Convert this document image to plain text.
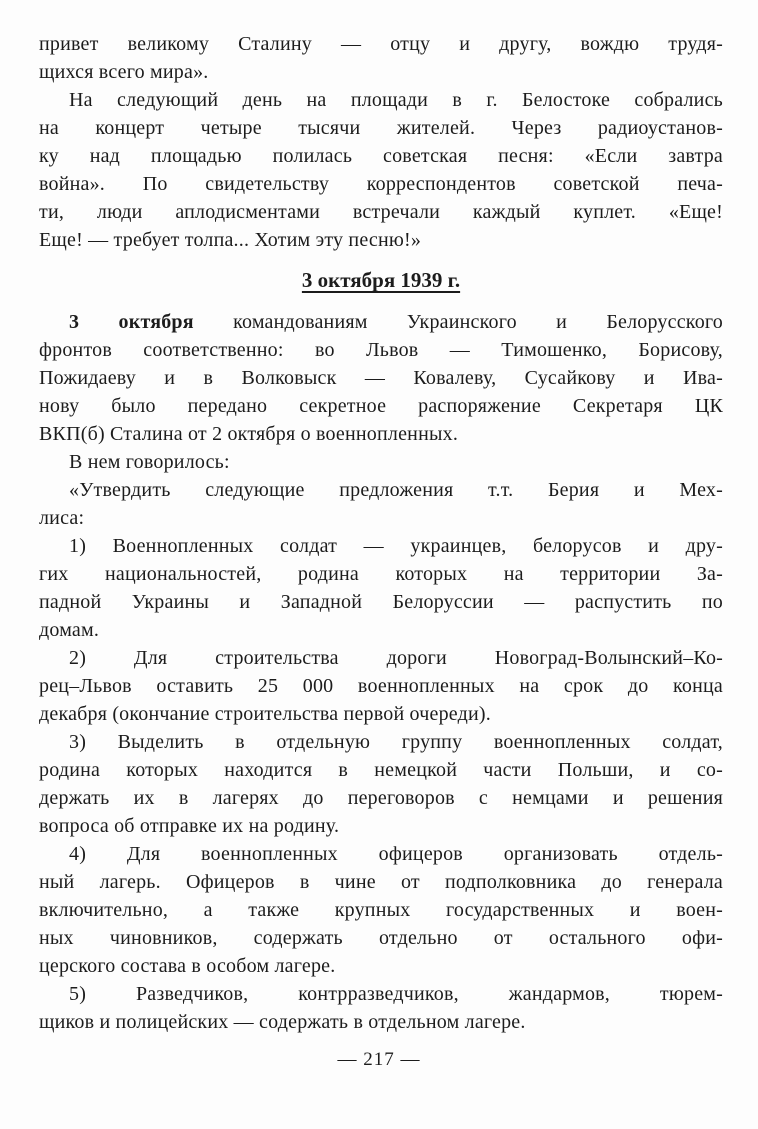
привет великому Сталину — отцу и другу, вождю трудя-
щихся всего мира».
На следующий день на площади в г. Белостоке собрались
на концерт четыре тысячи жителей. Через радиоустанов-
ку над площадью полилась советская песня: «Если завтра
война». По свидетельству корреспондентов советской печа-
ти, люди аплодисментами встречали каждый куплет. «Еще!
Еще! — требует толпа... Хотим эту песню!»
3 октября 1939 г.
3 октября командованиям Украинского и Белорусского
фронтов соответственно: во Львов — Тимошенко, Борисову,
Пожидаеву и в Волковыск — Ковалеву, Сусайкову и Ива-
нову было передано секретное распоряжение Секретаря ЦК
ВКП(б) Сталина от 2 октября о военнопленных.
В нем говорилось:
«Утвердить следующие предложения т.т. Берия и Мех-
лиса:
1) Военнопленных солдат — украинцев, белорусов и дру-
гих национальностей, родина которых на территории За-
падной Украины и Западной Белоруссии — распустить по
домам.
2) Для строительства дороги Новоград-Волынский–Ко-
рец–Львов оставить 25 000 военнопленных на срок до конца
декабря (окончание строительства первой очереди).
3) Выделить в отдельную группу военнопленных солдат,
родина которых находится в немецкой части Польши, и со-
держать их в лагерях до переговоров с немцами и решения
вопроса об отправке их на родину.
4) Для военнопленных офицеров организовать отдель-
ный лагерь. Офицеров в чине от подполковника до генерала
включительно, а также крупных государственных и воен-
ных чиновников, содержать отдельно от остального офи-
церского состава в особом лагере.
5) Разведчиков, контрразведчиков, жандармов, тюрем-
щиков и полицейских — содержать в отдельном лагере.
— 217 —
